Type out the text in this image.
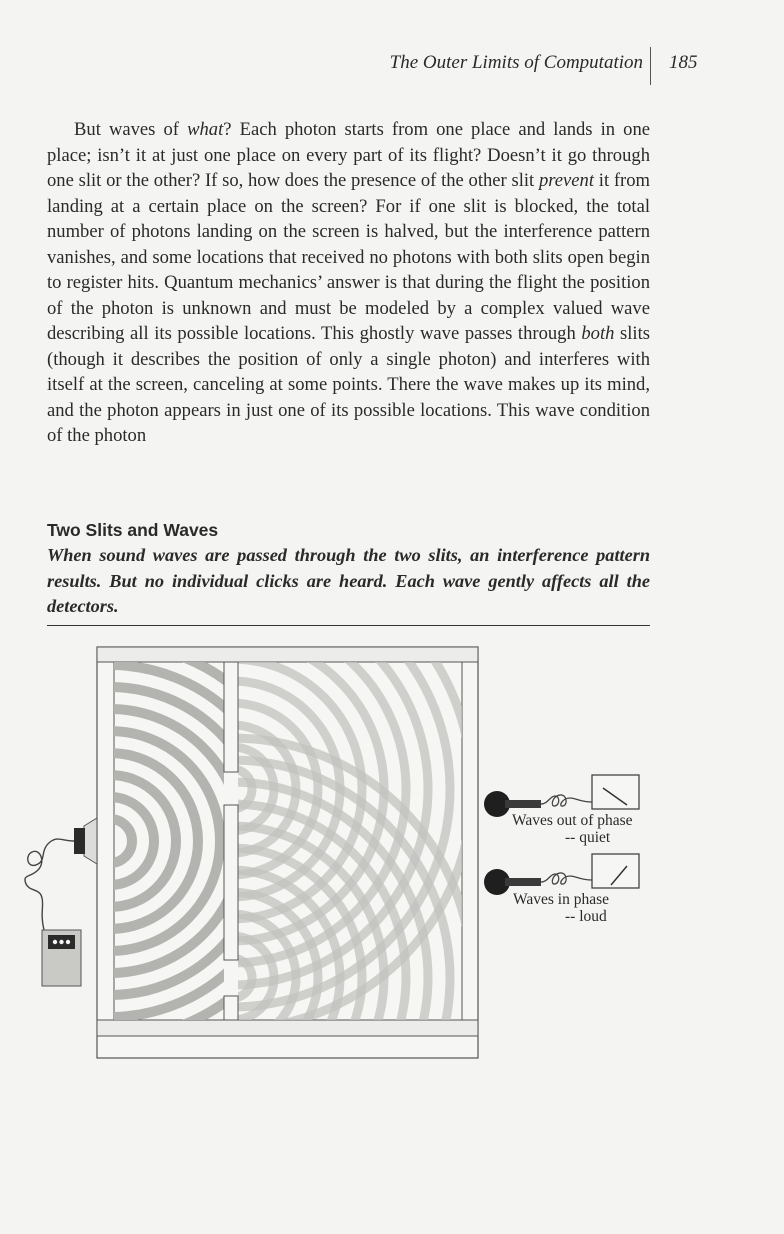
The Outer Limits of Computation 185

But waves of what? Each photon starts from one place and lands in one place; isn’t it at just one place on every part of its flight? Doesn’t it go through one slit or the other? If so, how does the presence of the other slit prevent it from landing at a certain place on the screen? For if one slit is blocked, the total number of photons landing on the screen is halved, but the interference pattern vanishes, and some locations that received no photons with both slits open begin to register hits. Quantum mechanics’ answer is that during the flight the position of the photon is unknown and must be modeled by a complex valued wave describing all its possible locations. This ghostly wave passes through both slits (though it describes the position of only a single photon) and interferes with itself at the screen, canceling at some points. There the wave makes up its mind, and the photon appears in just one of its possible locations. This wave condition of the photon

Two Slits and Waves

When sound waves are passed through the two slits, an interference pattern results. But no individual clicks are heard. Each wave gently affects all the detectors.

Waves out of phase
-- quiet
Waves in phase
-- loud
